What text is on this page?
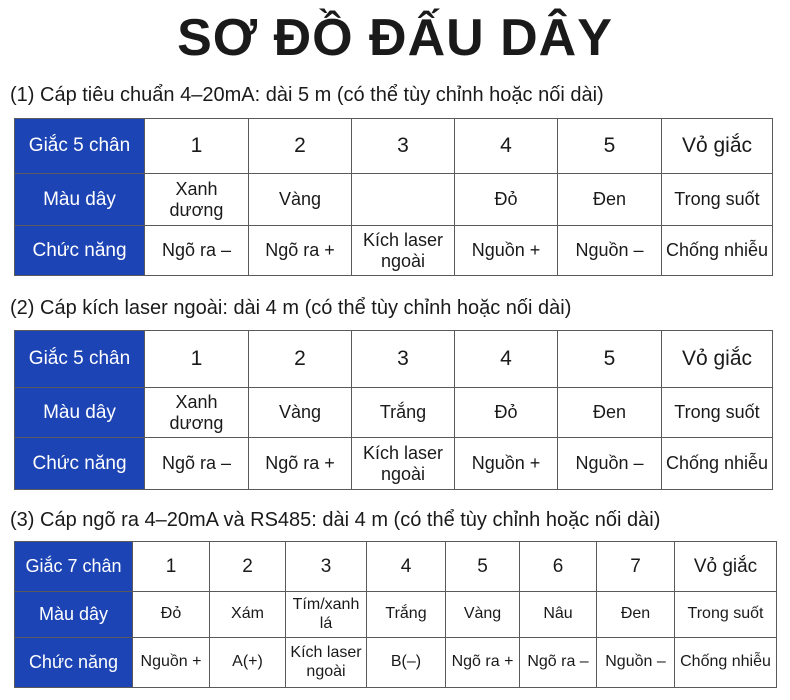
SƠ ĐỒ ĐẤU DÂY
(1) Cáp tiêu chuẩn 4–20mA: dài 5 m (có thể tùy chỉnh hoặc nối dài)
Giắc 5 chân	1	2	3	4	5	Vỏ giắc
Màu dây	Xanh dương	Vàng		Đỏ	Đen	Trong suốt
Chức năng	Ngõ ra –	Ngõ ra +	Kích laser ngoài	Nguồn +	Nguồn –	Chống nhiễu
(2) Cáp kích laser ngoài: dài 4 m (có thể tùy chỉnh hoặc nối dài)
Giắc 5 chân	1	2	3	4	5	Vỏ giắc
Màu dây	Xanh dương	Vàng	Trắng	Đỏ	Đen	Trong suốt
Chức năng	Ngõ ra –	Ngõ ra +	Kích laser ngoài	Nguồn +	Nguồn –	Chống nhiễu
(3) Cáp ngõ ra 4–20mA và RS485: dài 4 m (có thể tùy chỉnh hoặc nối dài)
Giắc 7 chân	1	2	3	4	5	6	7	Vỏ giắc
Màu dây	Đỏ	Xám	Tím/xanh lá	Trắng	Vàng	Nâu	Đen	Trong suốt
Chức năng	Nguồn +	A(+)	Kích laser ngoài	B(–)	Ngõ ra +	Ngõ ra –	Nguồn –	Chống nhiễu
